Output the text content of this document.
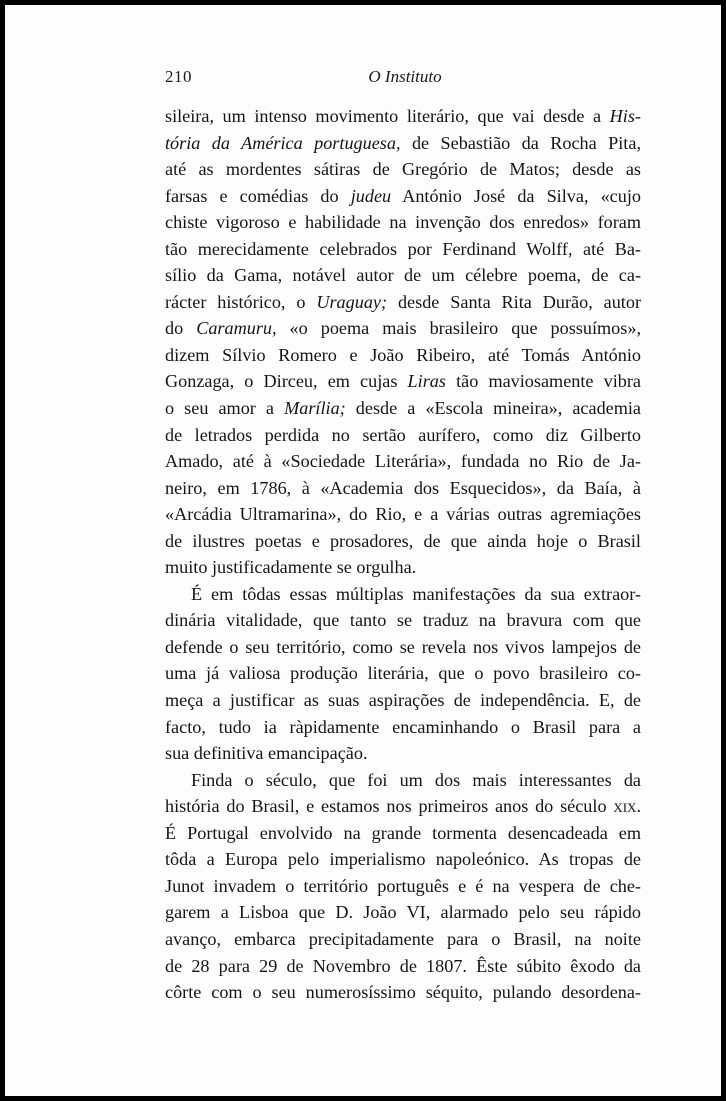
210	O Instituto
sileira, um intenso movimento literário, que vai desde a His-
tória da América portuguesa, de Sebastião da Rocha Pita,
até as mordentes sátiras de Gregório de Matos; desde as
farsas e comédias do judeu António José da Silva, «cujo
chiste vigoroso e habilidade na invenção dos enredos» foram
tão merecidamente celebrados por Ferdinand Wolff, até Ba-
sílio da Gama, notável autor de um célebre poema, de ca-
rácter histórico, o Uraguay; desde Santa Rita Durão, autor
do Caramuru, «o poema mais brasileiro que possuímos»,
dizem Sílvio Romero e João Ribeiro, até Tomás António
Gonzaga, o Dirceu, em cujas Liras tão maviosamente vibra
o seu amor a Marília; desde a «Escola mineira», academia
de letrados perdida no sertão aurífero, como diz Gilberto
Amado, até à «Sociedade Literária», fundada no Rio de Ja-
neiro, em 1786, à «Academia dos Esquecidos», da Baía, à
«Arcádia Ultramarina», do Rio, e a várias outras agremiações
de ilustres poetas e prosadores, de que ainda hoje o Brasil
muito justificadamente se orgulha.
É em tôdas essas múltiplas manifestações da sua extraor-
dinária vitalidade, que tanto se traduz na bravura com que
defende o seu território, como se revela nos vivos lampejos de
uma já valiosa produção literária, que o povo brasileiro co-
meça a justificar as suas aspirações de independência. E, de
facto, tudo ia ràpidamente encaminhando o Brasil para a
sua definitiva emancipação.
Finda o século, que foi um dos mais interessantes da
história do Brasil, e estamos nos primeiros anos do século xix.
É Portugal envolvido na grande tormenta desencadeada em
tôda a Europa pelo imperialismo napoleónico. As tropas de
Junot invadem o território português e é na vespera de che-
garem a Lisboa que D. João VI, alarmado pelo seu rápido
avanço, embarca precipitadamente para o Brasil, na noite
de 28 para 29 de Novembro de 1807. Êste súbito êxodo da
côrte com o seu numerosíssimo séquito, pulando desordena-
